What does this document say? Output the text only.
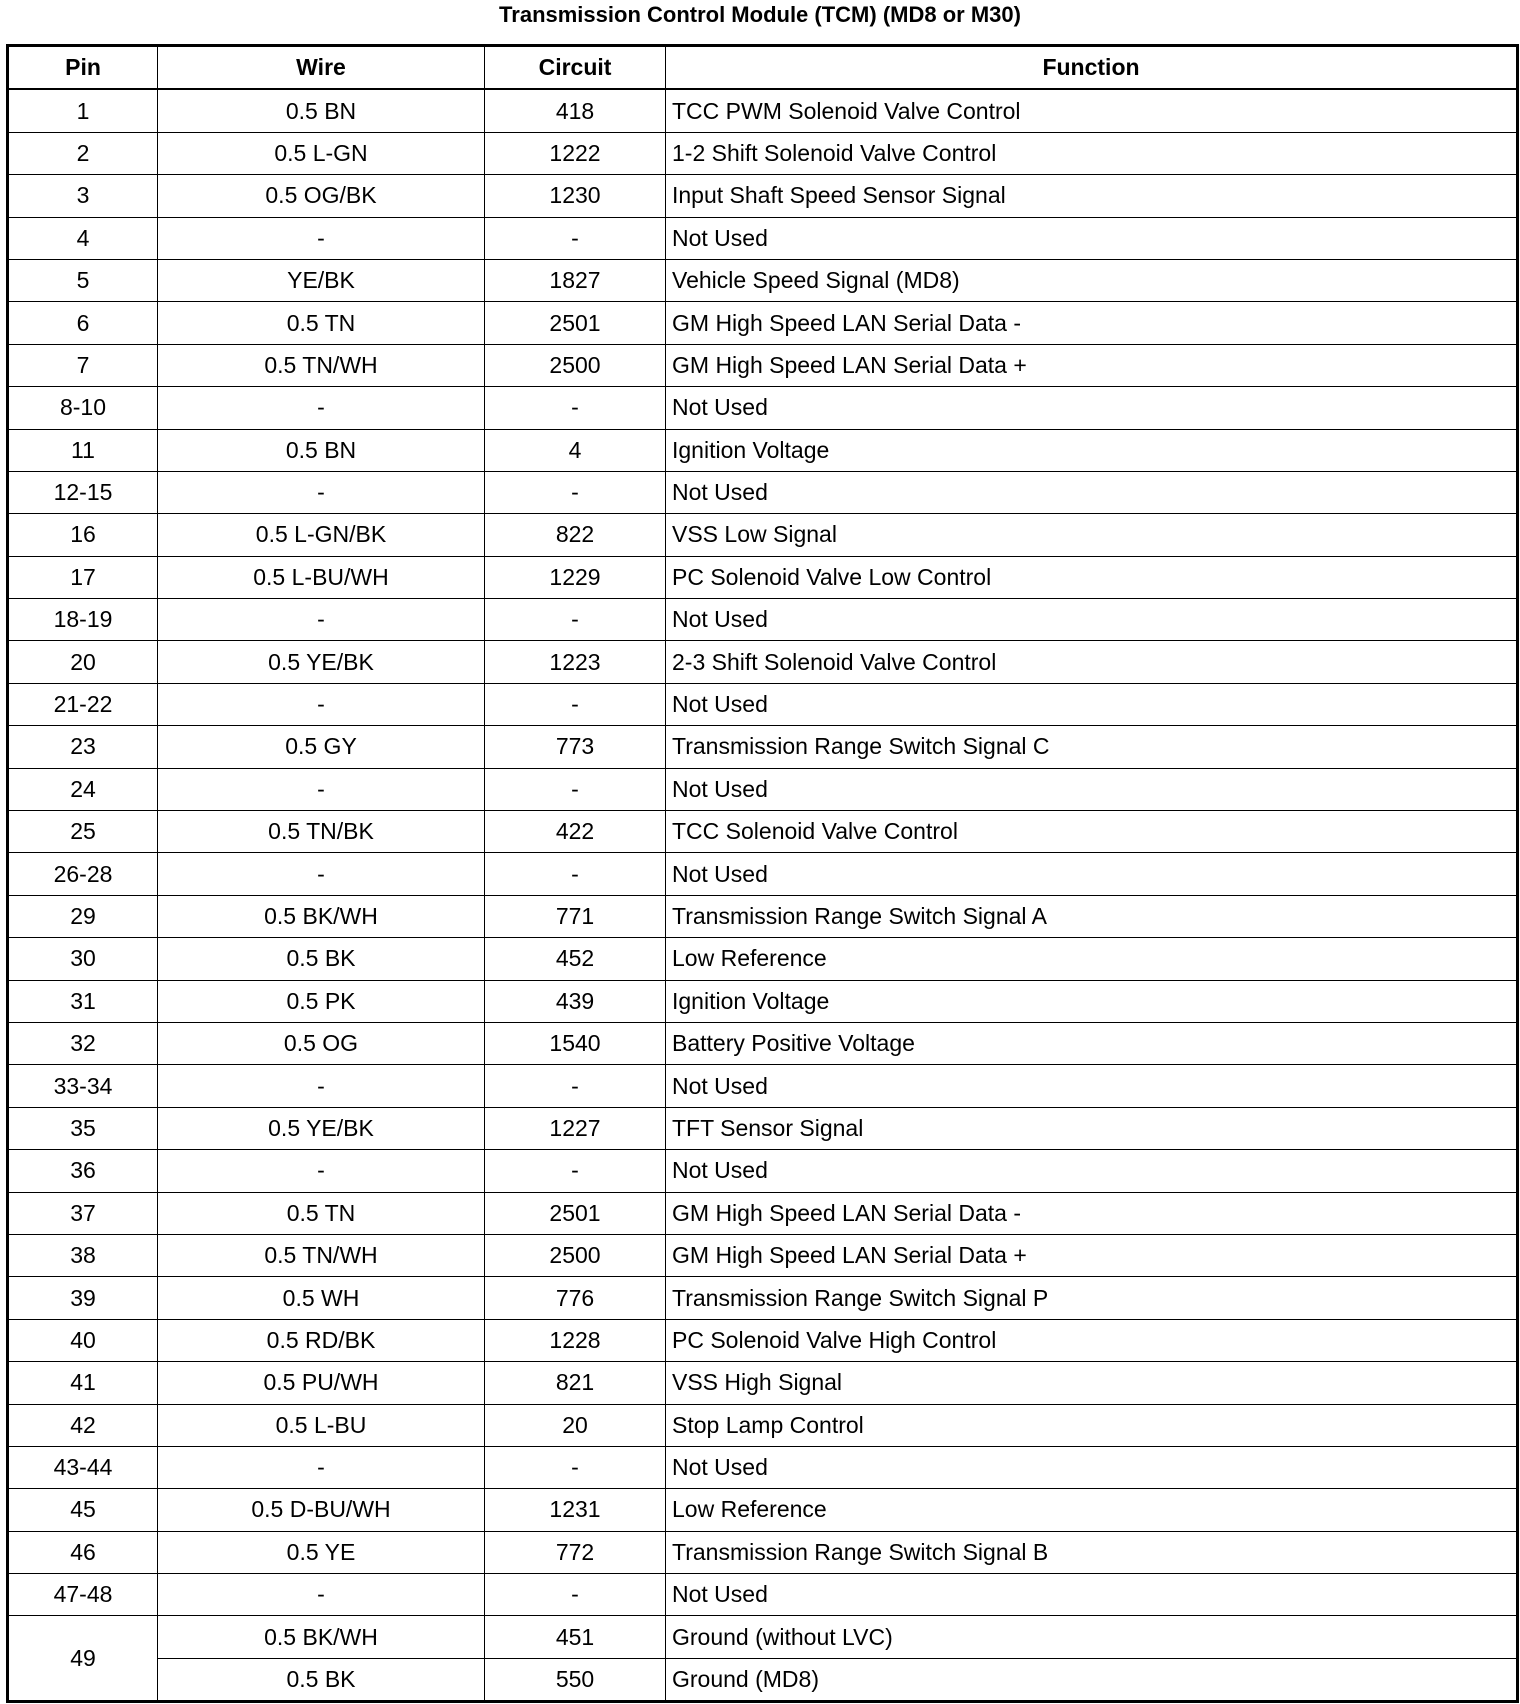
Transmission Control Module (TCM) (MD8 or M30)
Pin	Wire	Circuit	Function
1	0.5 BN	418	TCC PWM Solenoid Valve Control
2	0.5 L-GN	1222	1-2 Shift Solenoid Valve Control
3	0.5 OG/BK	1230	Input Shaft Speed Sensor Signal
4	-	-	Not Used
5	YE/BK	1827	Vehicle Speed Signal (MD8)
6	0.5 TN	2501	GM High Speed LAN Serial Data -
7	0.5 TN/WH	2500	GM High Speed LAN Serial Data +
8-10	-	-	Not Used
11	0.5 BN	4	Ignition Voltage
12-15	-	-	Not Used
16	0.5 L-GN/BK	822	VSS Low Signal
17	0.5 L-BU/WH	1229	PC Solenoid Valve Low Control
18-19	-	-	Not Used
20	0.5 YE/BK	1223	2-3 Shift Solenoid Valve Control
21-22	-	-	Not Used
23	0.5 GY	773	Transmission Range Switch Signal C
24	-	-	Not Used
25	0.5 TN/BK	422	TCC Solenoid Valve Control
26-28	-	-	Not Used
29	0.5 BK/WH	771	Transmission Range Switch Signal A
30	0.5 BK	452	Low Reference
31	0.5 PK	439	Ignition Voltage
32	0.5 OG	1540	Battery Positive Voltage
33-34	-	-	Not Used
35	0.5 YE/BK	1227	TFT Sensor Signal
36	-	-	Not Used
37	0.5 TN	2501	GM High Speed LAN Serial Data -
38	0.5 TN/WH	2500	GM High Speed LAN Serial Data +
39	0.5 WH	776	Transmission Range Switch Signal P
40	0.5 RD/BK	1228	PC Solenoid Valve High Control
41	0.5 PU/WH	821	VSS High Signal
42	0.5 L-BU	20	Stop Lamp Control
43-44	-	-	Not Used
45	0.5 D-BU/WH	1231	Low Reference
46	0.5 YE	772	Transmission Range Switch Signal B
47-48	-	-	Not Used
49	0.5 BK/WH	451	Ground (without LVC)
	0.5 BK	550	Ground (MD8)
